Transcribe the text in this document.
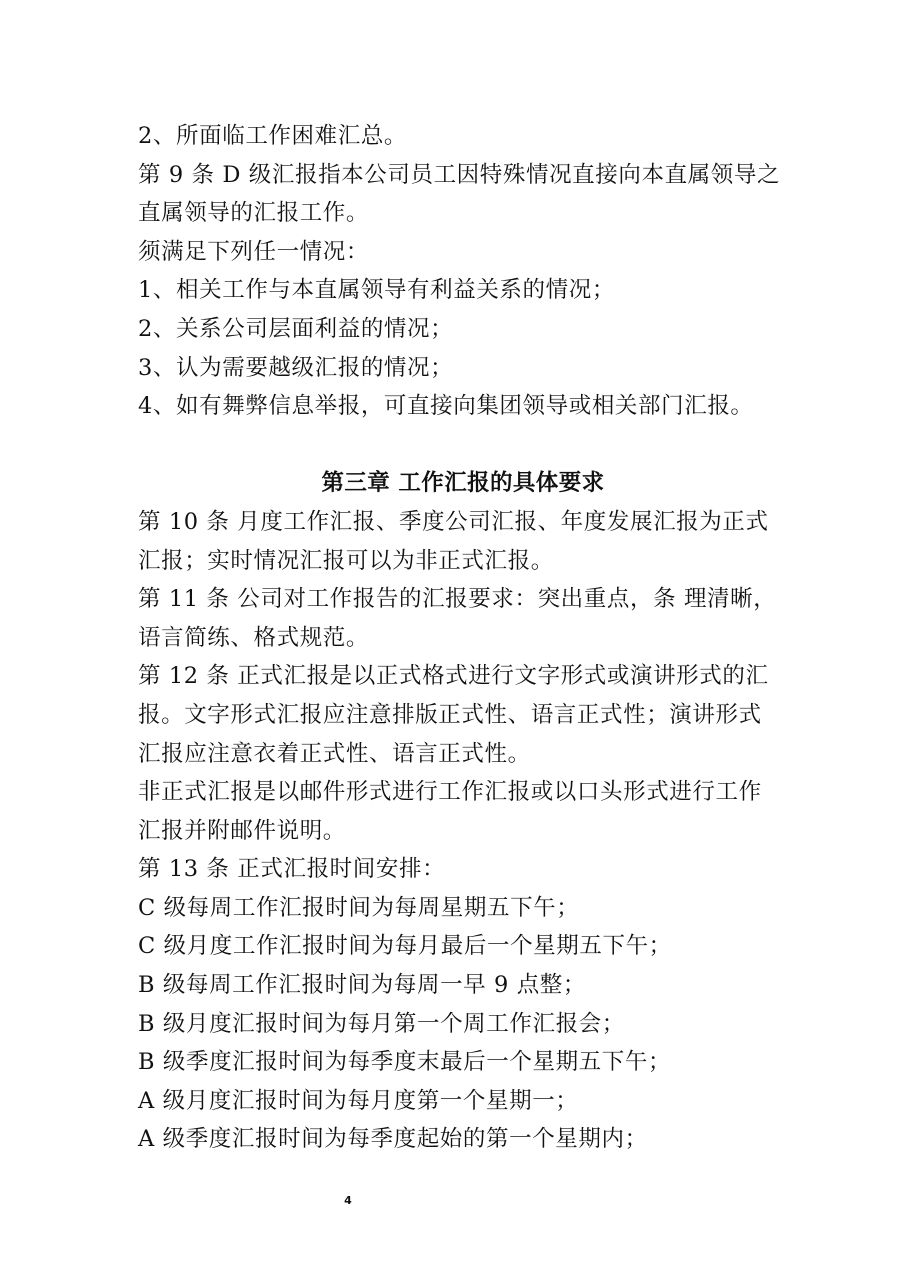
2、所面临工作困难汇总。

第 9 条 D 级汇报指本公司员工因特殊情况直接向本直属领导之

直属领导的汇报工作。

须满足下列任一情况：

1、相关工作与本直属领导有利益关系的情况；

2、关系公司层面利益的情况；

3、认为需要越级汇报的情况；

4、如有舞弊信息举报，可直接向集团领导或相关部门汇报。

第三章 工作汇报的具体要求

第 10 条 月度工作汇报、季度公司汇报、年度发展汇报为正式

汇报；实时情况汇报可以为非正式汇报。

第 11 条 公司对工作报告的汇报要求：突出重点，条 理清晰，

语言简练、格式规范。

第 12 条 正式汇报是以正式格式进行文字形式或演讲形式的汇

报。文字形式汇报应注意排版正式性、语言正式性；演讲形式

汇报应注意衣着正式性、语言正式性。

非正式汇报是以邮件形式进行工作汇报或以口头形式进行工作

汇报并附邮件说明。

第 13 条 正式汇报时间安排：

C 级每周工作汇报时间为每周星期五下午；

C 级月度工作汇报时间为每月最后一个星期五下午；

B 级每周工作汇报时间为每周一早 9 点整；

B 级月度汇报时间为每月第一个周工作汇报会；

B 级季度汇报时间为每季度末最后一个星期五下午；

A 级月度汇报时间为每月度第一个星期一；

A 级季度汇报时间为每季度起始的第一个星期内；

4
